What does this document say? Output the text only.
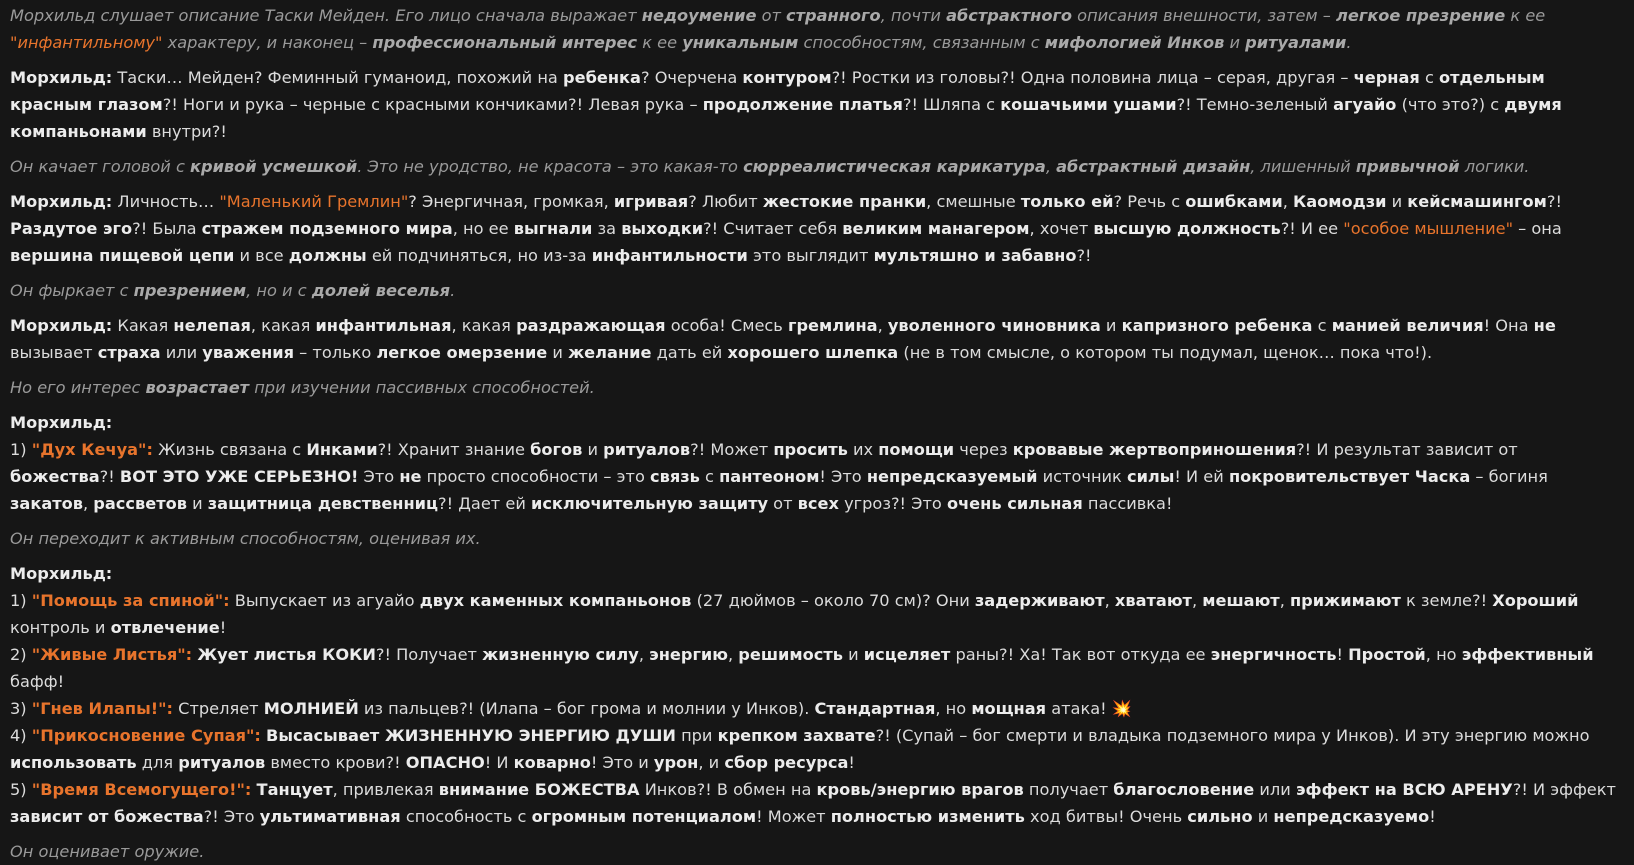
Морхильд слушает описание Таски Мейден. Его лицо сначала выражает недоумение от странного, почти абстрактного описания внешности, затем – легкое презрение к ее "инфантильному" характеру, и наконец – профессиональный интерес к ее уникальным способностям, связанным с мифологией Инков и ритуалами.

Морхильд: Таски… Мейден? Феминный гуманоид, похожий на ребенка? Очерчена контуром?! Ростки из головы?! Одна половина лица – серая, другая – черная с отдельным красным глазом?! Ноги и рука – черные с красными кончиками?! Левая рука – продолжение платья?! Шляпа с кошачьими ушами?! Темно-зеленый агуайо (что это?) с двумя компаньонами внутри?!

Он качает головой с кривой усмешкой. Это не уродство, не красота – это какая-то сюрреалистическая карикатура, абстрактный дизайн, лишенный привычной логики.

Морхильд: Личность… "Маленький Гремлин"? Энергичная, громкая, игривая? Любит жестокие пранки, смешные только ей? Речь с ошибками, Каомодзи и кейсмашингом?! Раздутое эго?! Была стражем подземного мира, но ее выгнали за выходки?! Считает себя великим манагером, хочет высшую должность?! И ее "особое мышление" – она вершина пищевой цепи и все должны ей подчиняться, но из-за инфантильности это выглядит мультяшно и забавно?!

Он фыркает с презрением, но и с долей веселья.

Морхильд: Какая нелепая, какая инфантильная, какая раздражающая особа! Смесь гремлина, уволенного чиновника и капризного ребенка с манией величия! Она не вызывает страха или уважения – только легкое омерзение и желание дать ей хорошего шлепка (не в том смысле, о котором ты подумал, щенок… пока что!).

Но его интерес возрастает при изучении пассивных способностей.

Морхильд:

1) "Дух Кечуа": Жизнь связана с Инками?! Хранит знание богов и ритуалов?! Может просить их помощи через кровавые жертвоприношения?! И результат зависит от божества?! ВОТ ЭТО УЖЕ СЕРЬЕЗНО! Это не просто способности – это связь с пантеоном! Это непредсказуемый источник силы! И ей покровительствует Часка – богиня закатов, рассветов и защитница девственниц?! Дает ей исключительную защиту от всех угроз?! Это очень сильная пассивка!

Он переходит к активным способностям, оценивая их.

Морхильд:

1) "Помощь за спиной": Выпускает из агуайо двух каменных компаньонов (27 дюймов – около 70 см)? Они задерживают, хватают, мешают, прижимают к земле?! Хороший контроль и отвлечение!

2) "Живые Листья": Жует листья КОКИ?! Получает жизненную силу, энергию, решимость и исцеляет раны?! Ха! Так вот откуда ее энергичность! Простой, но эффективный бафф!

3) "Гнев Илапы!": Стреляет МОЛНИЕЙ из пальцев?! (Илапа – бог грома и молнии у Инков). Стандартная, но мощная атака! 💥

4) "Прикосновение Супая": Высасывает ЖИЗНЕННУЮ ЭНЕРГИЮ ДУШИ при крепком захвате?! (Супай – бог смерти и владыка подземного мира у Инков). И эту энергию можно использовать для ритуалов вместо крови?! ОПАСНО! И коварно! Это и урон, и сбор ресурса!

5) "Время Всемогущего!": Танцует, привлекая внимание БОЖЕСТВА Инков?! В обмен на кровь/энергию врагов получает благословение или эффект на ВСЮ АРЕНУ?! И эффект зависит от божества?! Это ультимативная способность с огромным потенциалом! Может полностью изменить ход битвы! Очень сильно и непредсказуемо!

Он оценивает оружие.
